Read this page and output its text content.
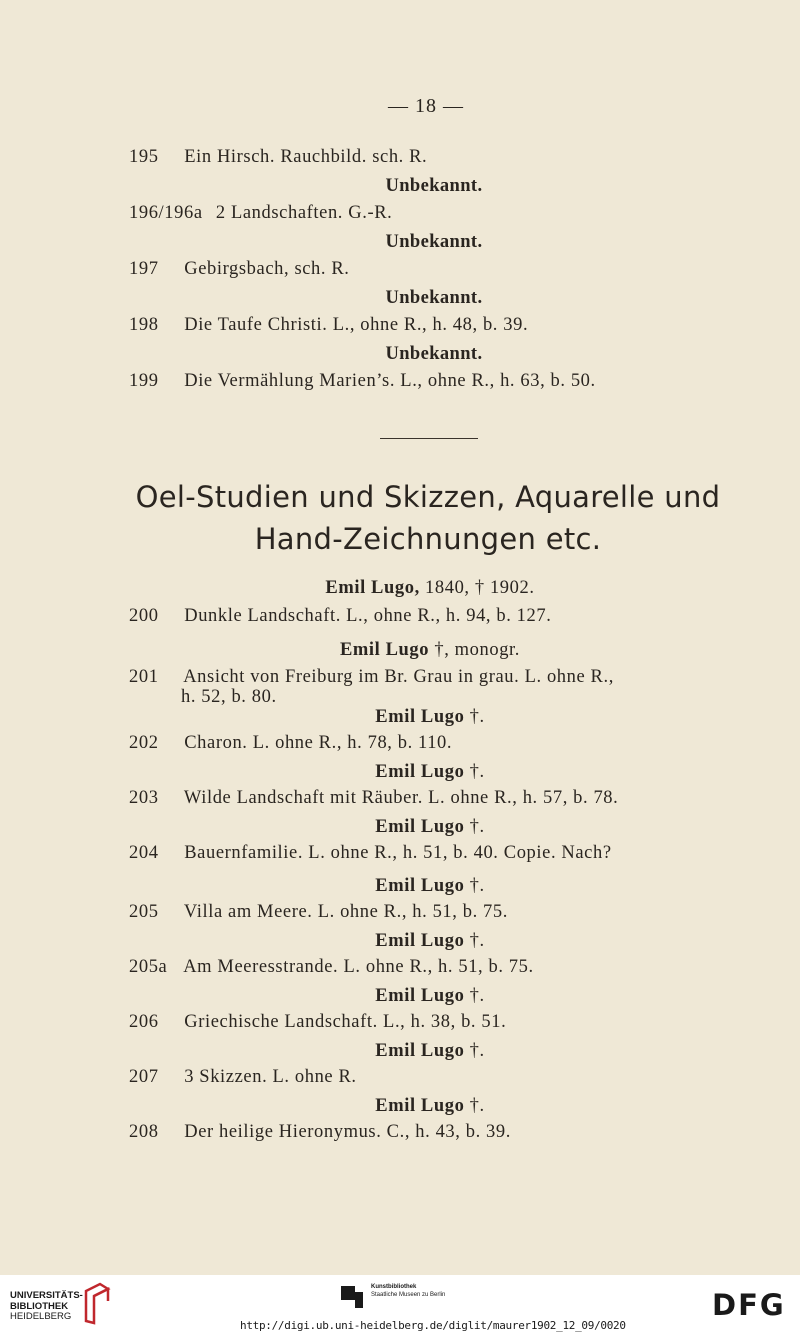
— 18 —
195 Ein Hirsch. Rauchbild. sch. R.
Unbekannt.
196/196a 2 Landschaften. G.-R.
Unbekannt.
197 Gebirgsbach, sch. R.
Unbekannt.
198 Die Taufe Christi. L., ohne R., h. 48, b. 39.
Unbekannt.
199 Die Vermählung Marien’s. L., ohne R., h. 63, b. 50.
Oel-Studien und Skizzen, Aquarelle und
Hand-Zeichnungen etc.
Emil Lugo, 1840, † 1902.
200 Dunkle Landschaft. L., ohne R., h. 94, b. 127.
Emil Lugo †, monogr.
201 Ansicht von Freiburg im Br. Grau in grau. L. ohne R.,
h. 52, b. 80.
Emil Lugo †.
202 Charon. L. ohne R., h. 78, b. 110.
Emil Lugo †.
203 Wilde Landschaft mit Räuber. L. ohne R., h. 57, b. 78.
Emil Lugo †.
204 Bauernfamilie. L. ohne R., h. 51, b. 40. Copie. Nach?
Emil Lugo †.
205 Villa am Meere. L. ohne R., h. 51, b. 75.
Emil Lugo †.
205a Am Meeresstrande. L. ohne R., h. 51, b. 75.
Emil Lugo †.
206 Griechische Landschaft. L., h. 38, b. 51.
Emil Lugo †.
207 3 Skizzen. L. ohne R.
Emil Lugo †.
208 Der heilige Hieronymus. C., h. 43, b. 39.
UNIVERSITÄTS-
BIBLIOTHEK
HEIDELBERG
Kunstbibliothek
Staatliche Museen zu Berlin	DFG
http://digi.ub.uni-heidelberg.de/diglit/maurer1902_12_09/0020
